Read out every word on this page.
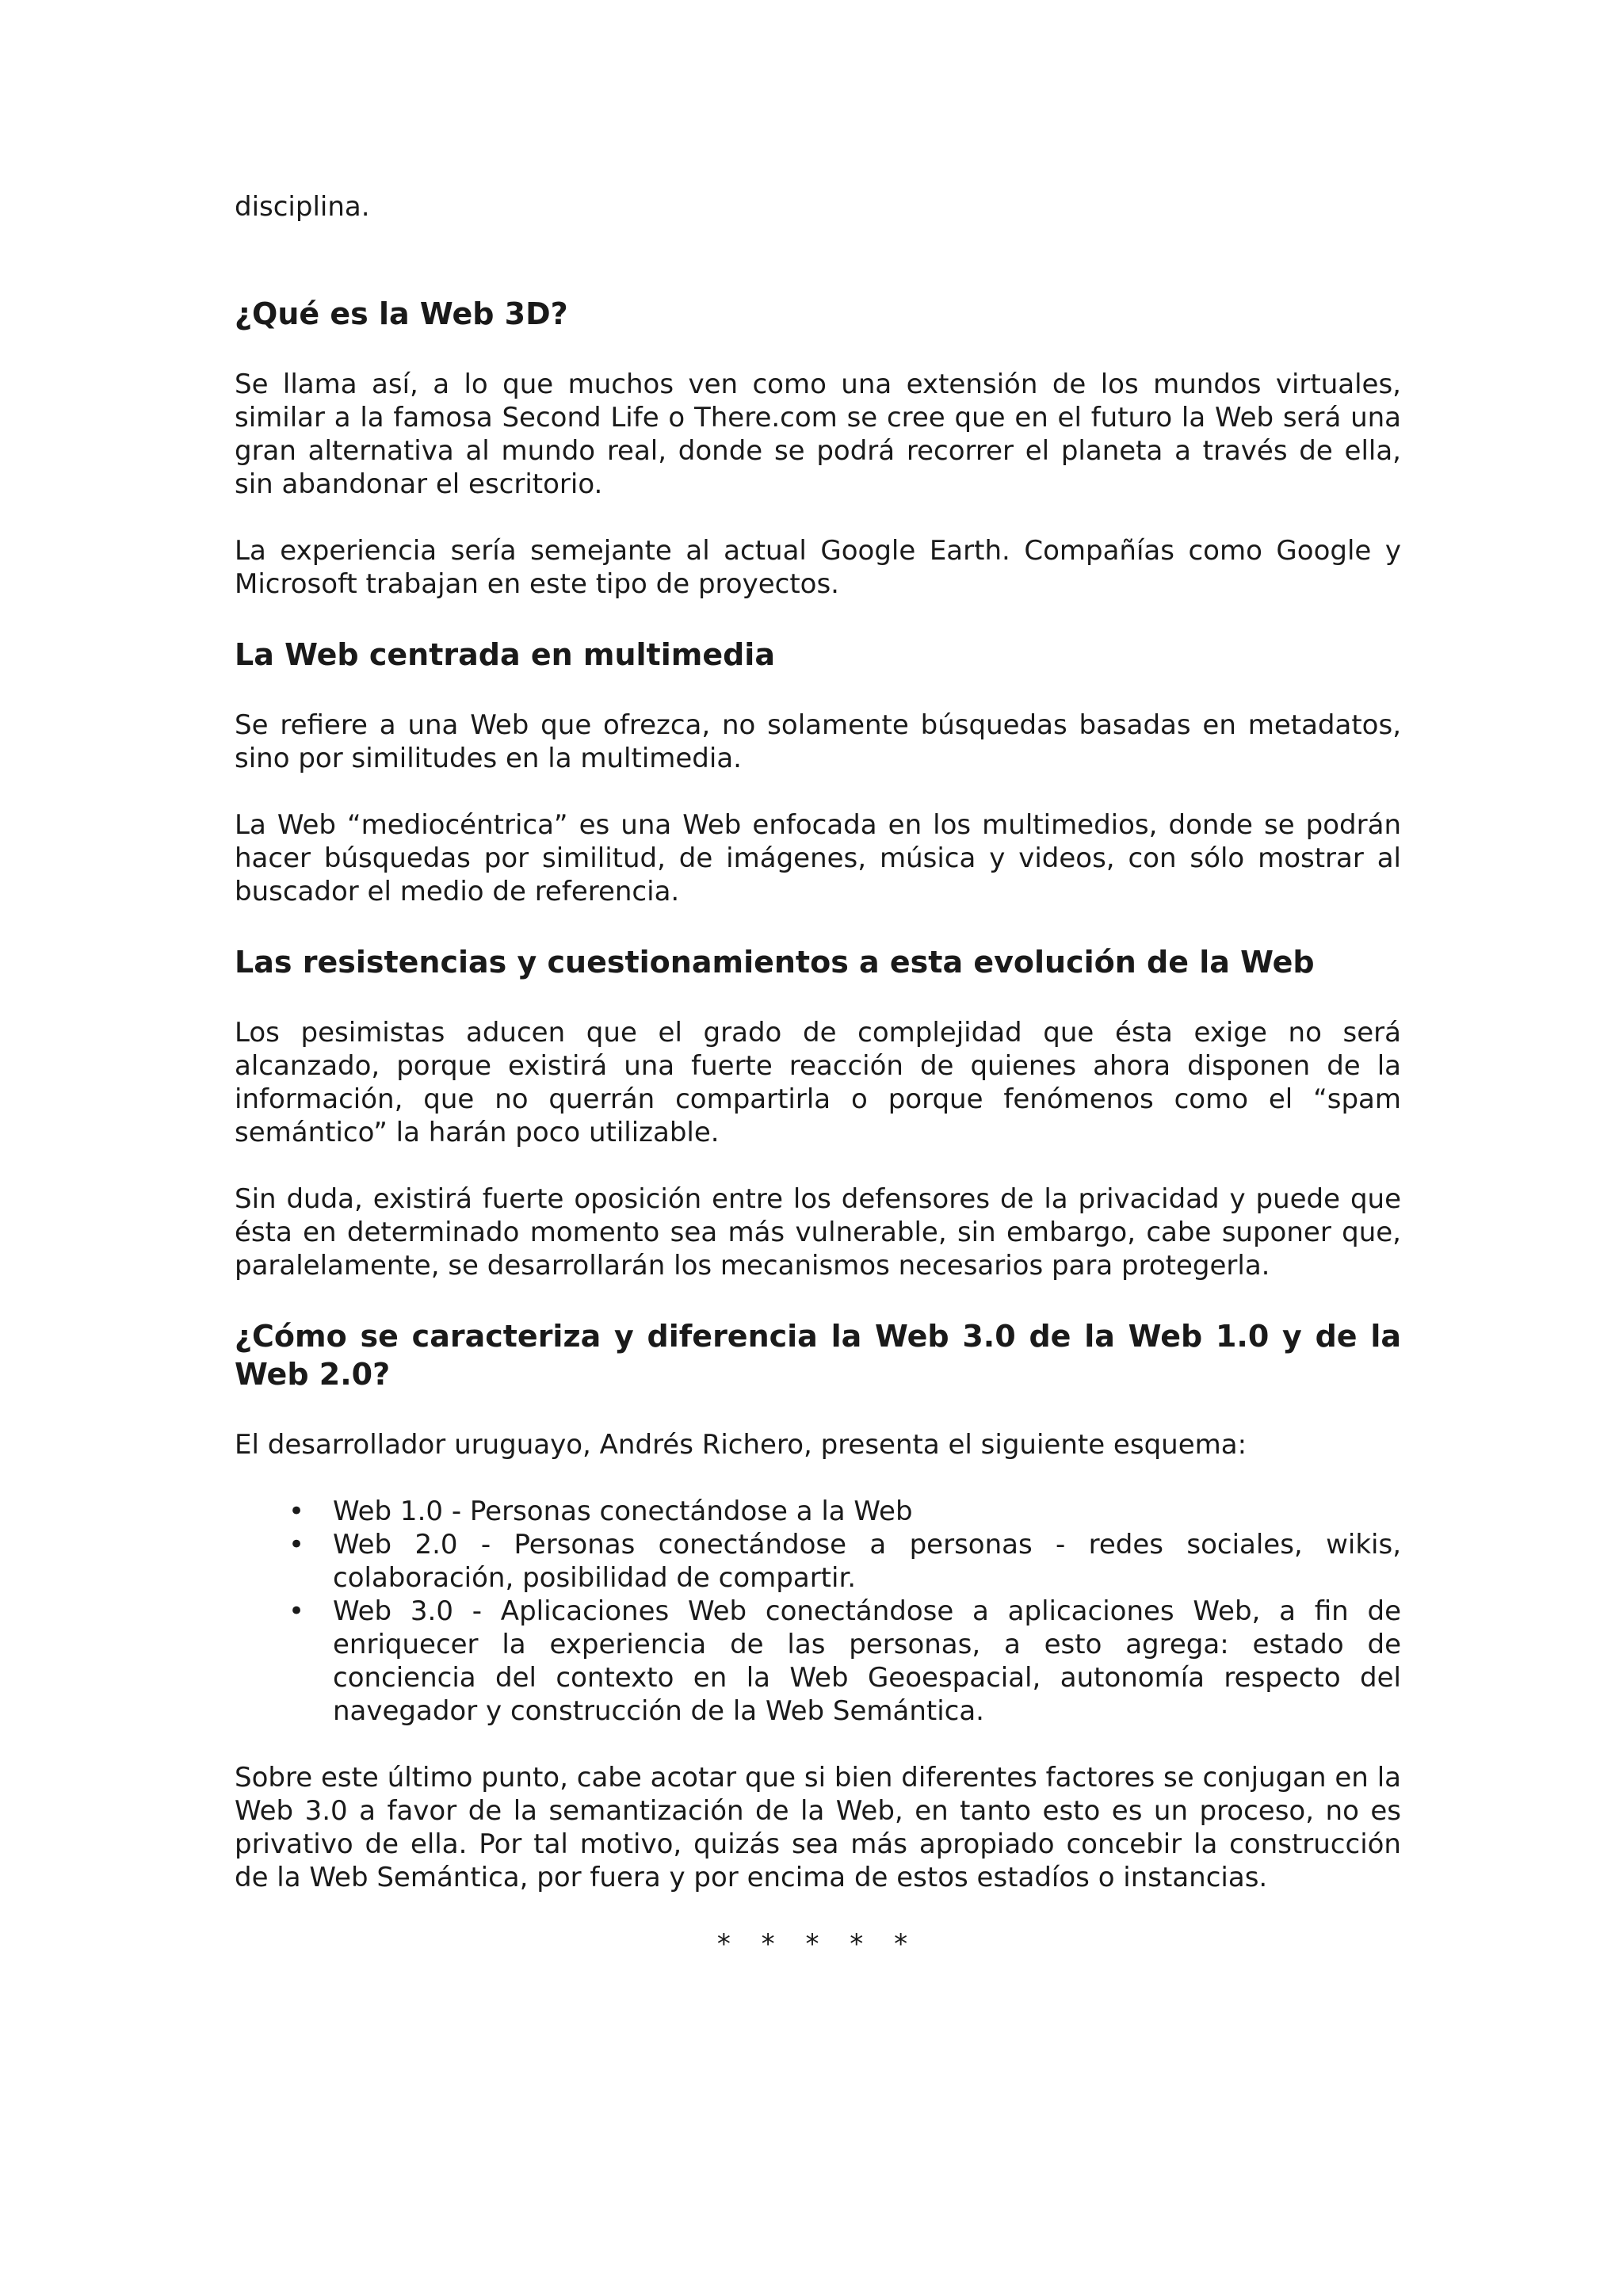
disciplina.

¿Qué es la Web 3D?

Se llama así, a lo que muchos ven como una extensión de los mundos virtuales, similar a la famosa Second Life o There.com se cree que en el futuro la Web será una gran alternativa al mundo real, donde se podrá recorrer el planeta a través de ella, sin abandonar el escritorio.

La experiencia sería semejante al actual Google Earth. Compañías como Google y Microsoft trabajan en este tipo de proyectos.

La Web centrada en multimedia

Se refiere a una Web que ofrezca, no solamente búsquedas basadas en metadatos, sino por similitudes en la multimedia.

La Web “mediocéntrica” es una Web enfocada en los multimedios, donde se podrán hacer búsquedas por similitud, de imágenes, música y videos, con sólo mostrar al buscador el medio de referencia.

Las resistencias y cuestionamientos a esta evolución de la Web

Los pesimistas aducen que el grado de complejidad que ésta exige no será alcanzado, porque existirá una fuerte reacción de quienes ahora disponen de la información, que no querrán compartirla o porque fenómenos como el “spam semántico” la harán poco utilizable.

Sin duda, existirá fuerte oposición entre los defensores de la privacidad y puede que ésta en determinado momento sea más vulnerable, sin embargo, cabe suponer que, paralelamente, se desarrollarán los mecanismos necesarios para protegerla.

¿Cómo se caracteriza y diferencia la Web 3.0 de la Web 1.0 y de la Web 2.0?

El desarrollador uruguayo, Andrés Richero, presenta el siguiente esquema:

• Web 1.0 - Personas conectándose a la Web
• Web 2.0 - Personas conectándose a personas - redes sociales, wikis, colaboración, posibilidad de compartir.
• Web 3.0 - Aplicaciones Web conectándose a aplicaciones Web, a fin de enriquecer la experiencia de las personas, a esto agrega: estado de conciencia del contexto en la Web Geoespacial, autonomía respecto del navegador y construcción de la Web Semántica.

Sobre este último punto, cabe acotar que si bien diferentes factores se conjugan en la Web 3.0 a favor de la semantización de la Web, en tanto esto es un proceso, no es privativo de ella. Por tal motivo, quizás sea más apropiado concebir la construcción de la Web Semántica, por fuera y por encima de estos estadíos o instancias.

* * * * *
